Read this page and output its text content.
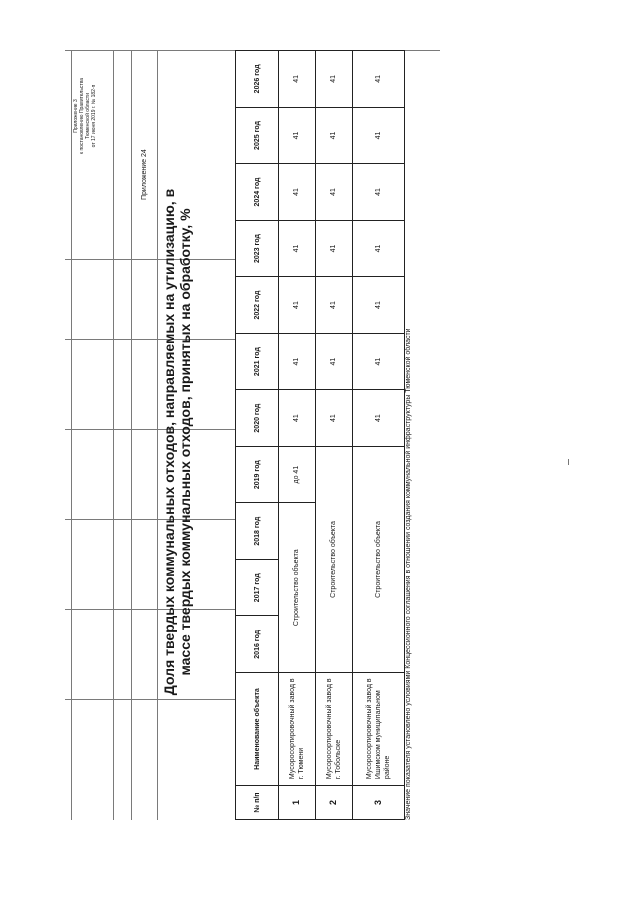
Приложение 3 к постановлению Правительства Тюменской области от 17 июня 2019 г. № 182-п
Приложение 24
Доля твердых коммунальных отходов, направляемых на утилизацию, в массе твердых коммунальных отходов, принятых на обработку, %
№ п/п	Наименование объекта	2016 год	2017 год	2018 год	2019 год	2020 год	2021 год	2022 год	2023 год	2024 год	2025 год	2026 год
1	Мусоросортировочный завод в г. Тюмени	Строительство объекта			до 41	41	41	41	41	41	41	41
2	Мусоросортировочный завод в г. Тобольске	Строительство объекта				41	41	41	41	41	41	41
3	Мусоросортировочный завод в Ишимском муниципальном районе	Строительство объекта				41	41	41	41	41	41	41
Значение показателя установлено условиями Концессионного соглашения в отношении создания коммунальной инфраструктуры Тюменской области
